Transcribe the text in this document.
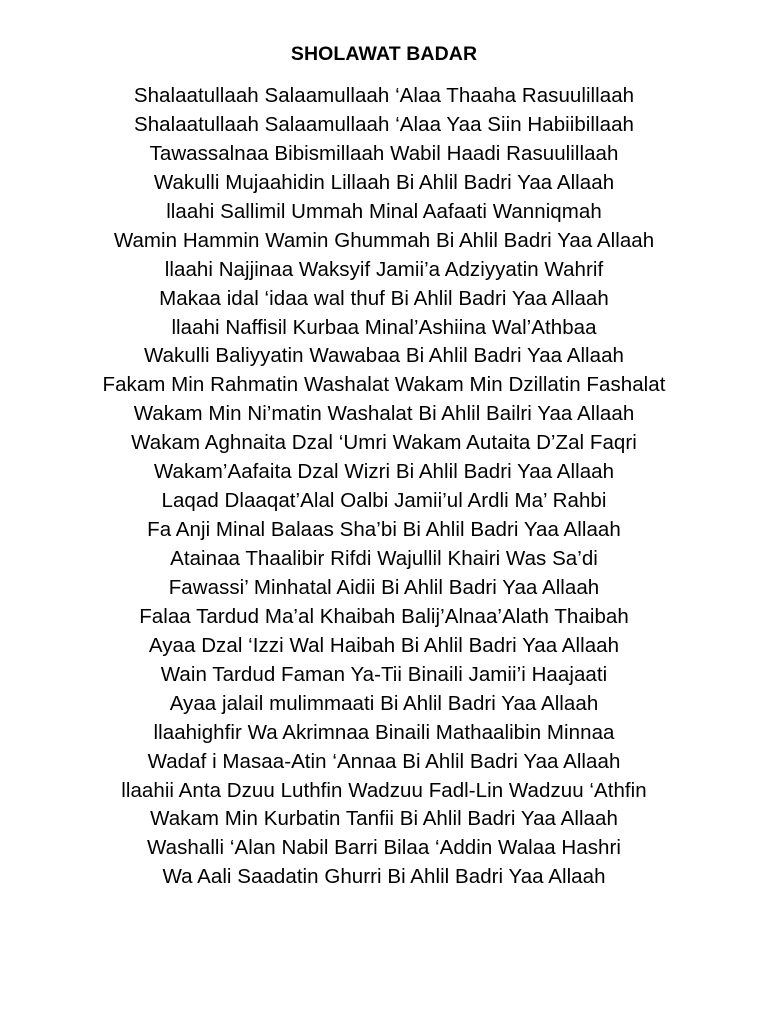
SHOLAWAT BADAR
Shalaatullaah Salaamullaah ‘Alaa Thaaha Rasuulillaah
Shalaatullaah Salaamullaah ‘Alaa Yaa Siin Habiibillaah
Tawassalnaa Bibismillaah Wabil Haadi Rasuulillaah
Wakulli Mujaahidin Lillaah Bi Ahlil Badri Yaa Allaah
llaahi Sallimil Ummah Minal Aafaati Wanniqmah
Wamin Hammin Wamin Ghummah Bi Ahlil Badri Yaa Allaah
llaahi Najjinaa Waksyif Jamii’a Adziyyatin Wahrif
Makaa idal ‘idaa wal thuf Bi Ahlil Badri Yaa Allaah
llaahi Naffisil Kurbaa Minal’Ashiina Wal’Athbaa
Wakulli Baliyyatin Wawabaa Bi Ahlil Badri Yaa Allaah
Fakam Min Rahmatin Washalat Wakam Min Dzillatin Fashalat
Wakam Min Ni’matin Washalat Bi Ahlil Bailri Yaa Allaah
Wakam Aghnaita Dzal ‘Umri Wakam Autaita D’Zal Faqri
Wakam’Aafaita Dzal Wizri Bi Ahlil Badri Yaa Allaah
Laqad Dlaaqat’Alal Oalbi Jamii’ul Ardli Ma’ Rahbi
Fa Anji Minal Balaas Sha’bi Bi Ahlil Badri Yaa Allaah
Atainaa Thaalibir Rifdi Wajullil Khairi Was Sa’di
Fawassi’ Minhatal Aidii Bi Ahlil Badri Yaa Allaah
Falaa Tardud Ma’al Khaibah Balij’Alnaa’Alath Thaibah
Ayaa Dzal ‘Izzi Wal Haibah Bi Ahlil Badri Yaa Allaah
Wain Tardud Faman Ya-Tii Binaili Jamii’i Haajaati
Ayaa jalail mulimmaati Bi Ahlil Badri Yaa Allaah
llaahighfir Wa Akrimnaa Binaili Mathaalibin Minnaa
Wadaf i Masaa-Atin ‘Annaa Bi Ahlil Badri Yaa Allaah
llaahii Anta Dzuu Luthfin Wadzuu Fadl-Lin Wadzuu ‘Athfin
Wakam Min Kurbatin Tanfii Bi Ahlil Badri Yaa Allaah
Washalli ‘Alan Nabil Barri Bilaa ‘Addin Walaa Hashri
Wa Aali Saadatin Ghurri Bi Ahlil Badri Yaa Allaah
